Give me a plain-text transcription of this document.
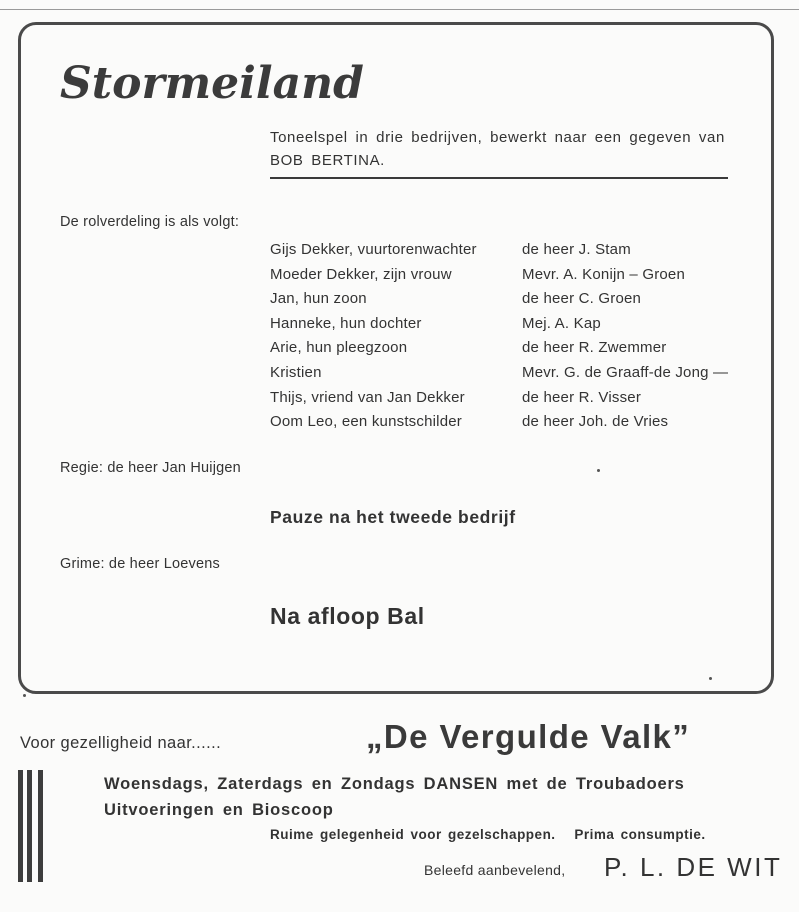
Stormeiland
Toneelspel in drie bedrijven, bewerkt naar een gegeven van BOB BERTINA.
De rolverdeling is als volgt:
Gijs Dekker, vuurtorenwachter	de heer J. Stam
Moeder Dekker, zijn vrouw	Mevr. A. Konijn – Groen
Jan, hun zoon	de heer C. Groen
Hanneke, hun dochter	Mej. A. Kap
Arie, hun pleegzoon	de heer R. Zwemmer
Kristien	Mevr. G. de Graaff-de Jong —
Thijs, vriend van Jan Dekker	de heer R. Visser
Oom Leo, een kunstschilder	de heer Joh. de Vries
Regie: de heer Jan Huijgen
Pauze na het tweede bedrijf
Grime: de heer Loevens
Na afloop Bal
Voor gezelligheid naar......	„De Vergulde Valk”
Woensdags, Zaterdags en Zondags DANSEN met de Troubadoers
Uitvoeringen en Bioscoop
Ruime gelegenheid voor gezelschappen.   Prima consumptie.
Beleefd aanbevelend, P. L. DE WIT
